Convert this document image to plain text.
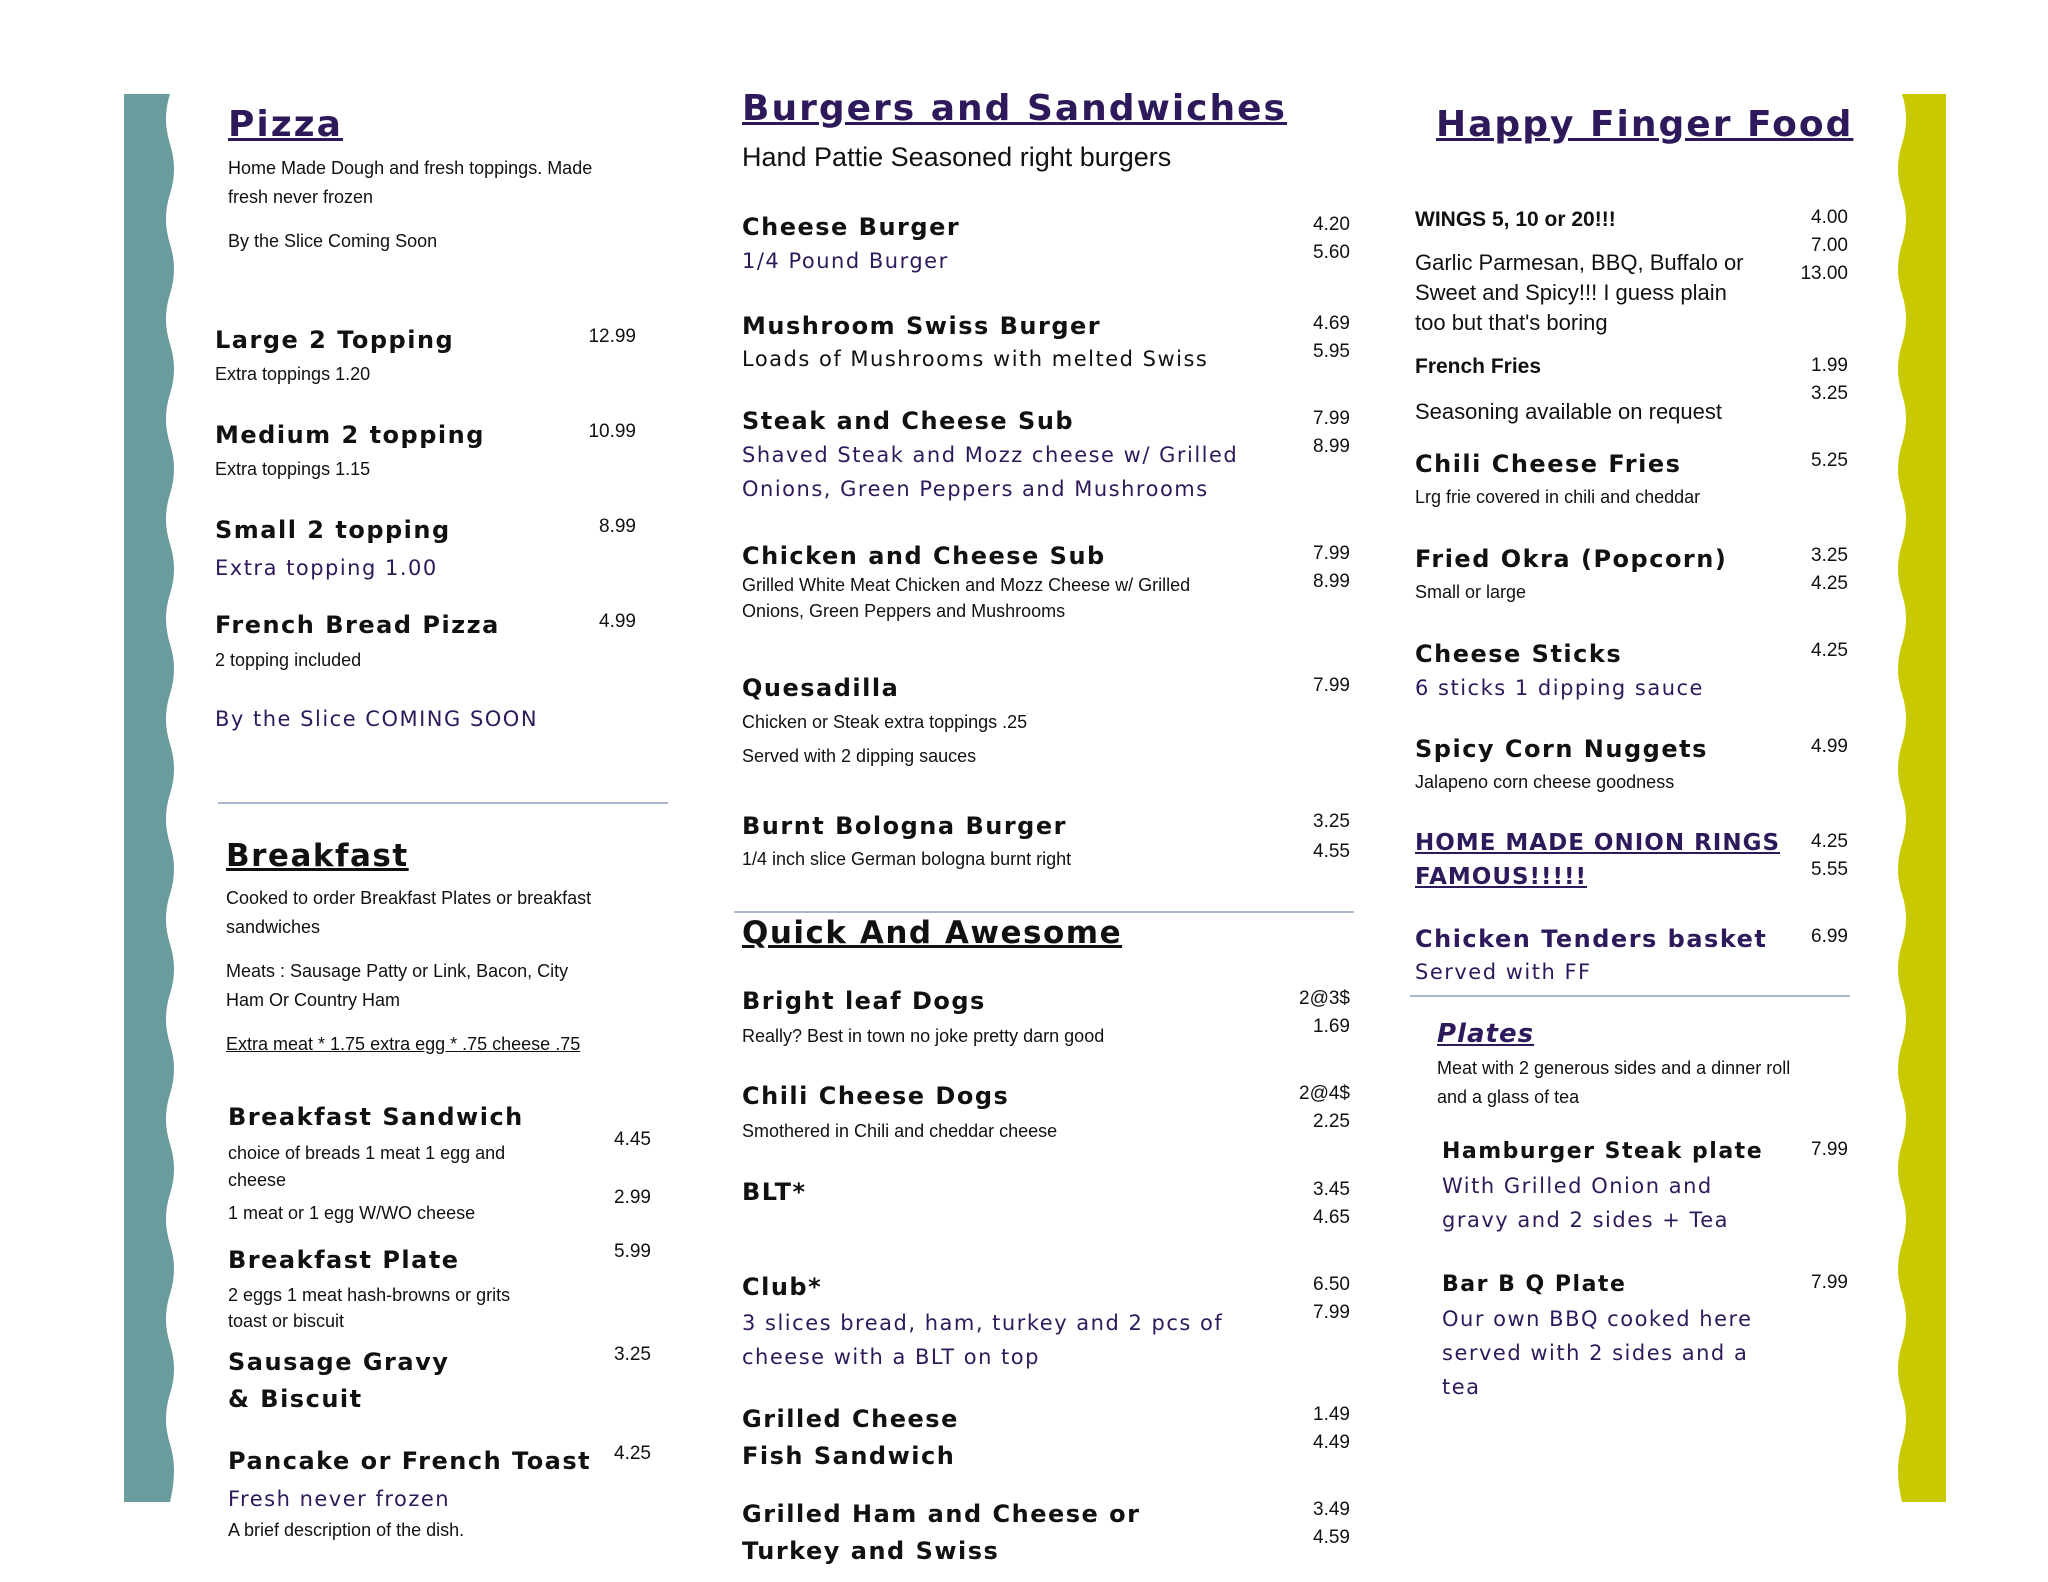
Pizza
Home Made Dough and fresh toppings. Made
fresh never frozen
By the Slice Coming Soon
Large 2 Topping
Extra toppings 1.20
12.99
Medium 2 topping
Extra toppings 1.15
10.99
Small 2 topping
Extra topping 1.00
8.99
French Bread Pizza
2 topping included
4.99
By the Slice COMING SOON
Breakfast
Cooked to order Breakfast Plates or breakfast
sandwiches
Meats : Sausage Patty or Link, Bacon, City
Ham Or Country Ham
Extra meat * 1.75 extra egg * .75 cheese .75
Breakfast Sandwich
choice of breads 1 meat 1 egg and
cheese
1 meat or 1 egg W/WO cheese
4.45
2.99
Breakfast Plate
2 eggs 1 meat hash-browns or grits
toast or biscuit
5.99
Sausage Gravy
& Biscuit
3.25
Pancake or French Toast
Fresh never frozen
A brief description of the dish.
4.25
Burgers and Sandwiches
Hand Pattie Seasoned right burgers
Cheese Burger
1/4 Pound Burger
4.20
5.60
Mushroom Swiss Burger
Loads of Mushrooms with melted Swiss
4.69
5.95
Steak and Cheese Sub
Shaved Steak and Mozz cheese w/ Grilled
Onions, Green Peppers and Mushrooms
7.99
8.99
Chicken and Cheese Sub
Grilled White Meat Chicken and Mozz Cheese w/ Grilled
Onions, Green Peppers and Mushrooms
7.99
8.99
Quesadilla
Chicken or Steak extra toppings .25
Served with 2 dipping sauces
7.99
Burnt Bologna Burger
1/4 inch slice German bologna burnt right
3.25
4.55
Quick And Awesome
Bright leaf Dogs
Really? Best in town no joke pretty darn good
2@3$
1.69
Chili Cheese Dogs
Smothered in Chili and cheddar cheese
2@4$
2.25
BLT*	3.45
4.65
Club*
3 slices bread, ham, turkey and 2 pcs of
cheese with a BLT on top
6.50
7.99
Grilled Cheese
Fish Sandwich
1.49
4.49
Grilled Ham and Cheese or
Turkey and Swiss
3.49
4.59
Happy Finger Food
WINGS 5, 10 or 20!!!
Garlic Parmesan, BBQ, Buffalo or
Sweet and Spicy!!! I guess plain
too but that's boring
4.00
7.00
13.00
French Fries
Seasoning available on request
1.99
3.25
Chili Cheese Fries
Lrg frie covered in chili and cheddar
5.25
Fried Okra (Popcorn)
Small or large
3.25
4.25
Cheese Sticks
6 sticks 1 dipping sauce
4.25
Spicy Corn Nuggets
Jalapeno corn cheese goodness
4.99
HOME MADE ONION RINGS
FAMOUS!!!!!
4.25
5.55
Chicken Tenders basket
Served with FF
6.99
Plates
Meat with 2 generous sides and a dinner roll
and a glass of tea
Hamburger Steak plate
With Grilled Onion and
gravy and 2 sides + Tea
7.99
Bar B Q Plate
Our own BBQ cooked here
served with 2 sides and a
tea
7.99
